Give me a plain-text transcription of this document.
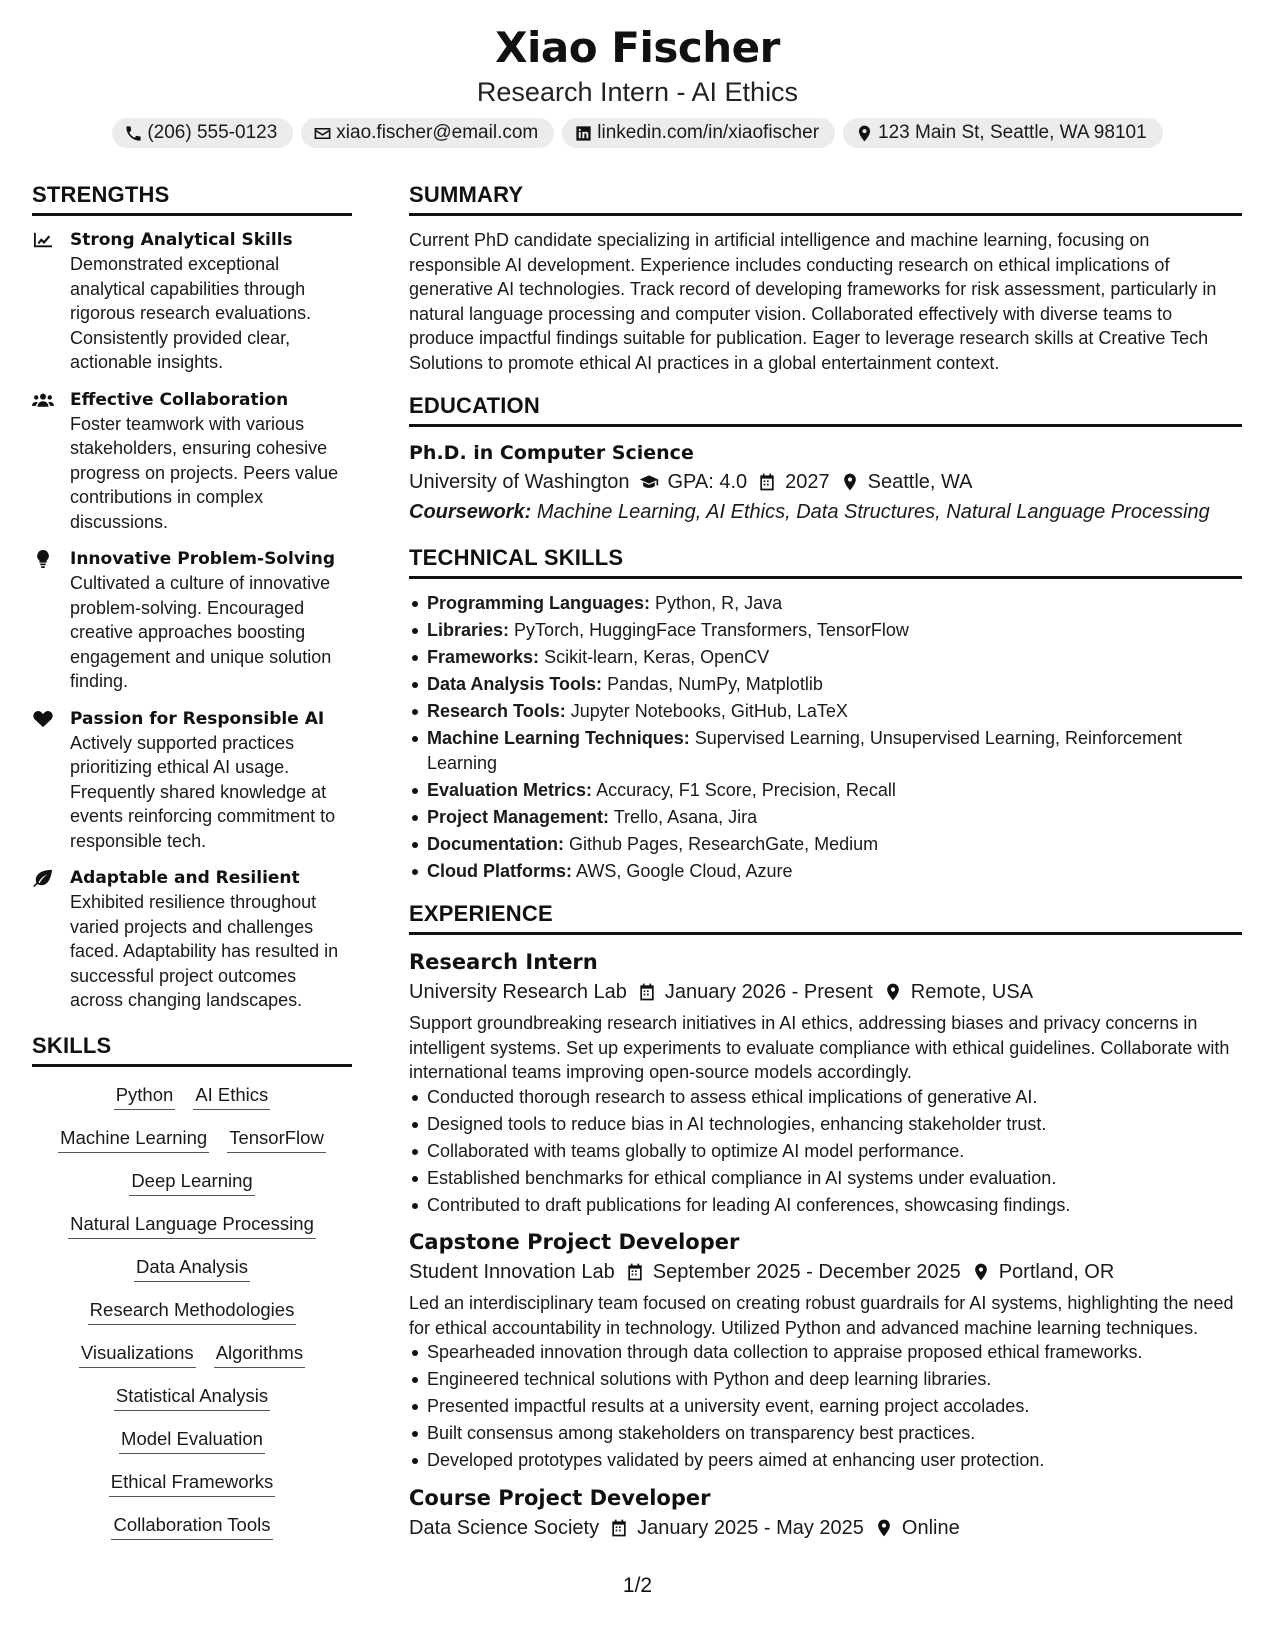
Xiao Fischer
Research Intern - AI Ethics
(206) 555-0123	xiao.fischer@email.com	linkedin.com/in/xiaofischer	123 Main St, Seattle, WA 98101
STRENGTHS
Strong Analytical Skills
Demonstrated exceptional analytical capabilities through rigorous research evaluations. Consistently provided clear, actionable insights.
Effective Collaboration
Foster teamwork with various stakeholders, ensuring cohesive progress on projects. Peers value contributions in complex discussions.
Innovative Problem-Solving
Cultivated a culture of innovative problem-solving. Encouraged creative approaches boosting engagement and unique solution finding.
Passion for Responsible AI
Actively supported practices prioritizing ethical AI usage. Frequently shared knowledge at events reinforcing commitment to responsible tech.
Adaptable and Resilient
Exhibited resilience throughout varied projects and challenges faced. Adaptability has resulted in successful project outcomes across changing landscapes.
SKILLS
Python AI Ethics
Machine Learning TensorFlow
Deep Learning
Natural Language Processing
Data Analysis
Research Methodologies
Visualizations Algorithms
Statistical Analysis
Model Evaluation
Ethical Frameworks
Collaboration Tools
SUMMARY
Current PhD candidate specializing in artificial intelligence and machine learning, focusing on responsible AI development. Experience includes conducting research on ethical implications of generative AI technologies. Track record of developing frameworks for risk assessment, particularly in natural language processing and computer vision. Collaborated effectively with diverse teams to produce impactful findings suitable for publication. Eager to leverage research skills at Creative Tech Solutions to promote ethical AI practices in a global entertainment context.
EDUCATION
Ph.D. in Computer Science
University of Washington GPA: 4.0 2027 Seattle, WA
Coursework: Machine Learning, AI Ethics, Data Structures, Natural Language Processing
TECHNICAL SKILLS
Programming Languages: Python, R, Java
Libraries: PyTorch, HuggingFace Transformers, TensorFlow
Frameworks: Scikit-learn, Keras, OpenCV
Data Analysis Tools: Pandas, NumPy, Matplotlib
Research Tools: Jupyter Notebooks, GitHub, LaTeX
Machine Learning Techniques: Supervised Learning, Unsupervised Learning, Reinforcement Learning
Evaluation Metrics: Accuracy, F1 Score, Precision, Recall
Project Management: Trello, Asana, Jira
Documentation: Github Pages, ResearchGate, Medium
Cloud Platforms: AWS, Google Cloud, Azure
EXPERIENCE
Research Intern
University Research Lab January 2026 - Present Remote, USA
Support groundbreaking research initiatives in AI ethics, addressing biases and privacy concerns in intelligent systems. Set up experiments to evaluate compliance with ethical guidelines. Collaborate with international teams improving open-source models accordingly.
Conducted thorough research to assess ethical implications of generative AI.
Designed tools to reduce bias in AI technologies, enhancing stakeholder trust.
Collaborated with teams globally to optimize AI model performance.
Established benchmarks for ethical compliance in AI systems under evaluation.
Contributed to draft publications for leading AI conferences, showcasing findings.
Capstone Project Developer
Student Innovation Lab September 2025 - December 2025 Portland, OR
Led an interdisciplinary team focused on creating robust guardrails for AI systems, highlighting the need for ethical accountability in technology. Utilized Python and advanced machine learning techniques.
Spearheaded innovation through data collection to appraise proposed ethical frameworks.
Engineered technical solutions with Python and deep learning libraries.
Presented impactful results at a university event, earning project accolades.
Built consensus among stakeholders on transparency best practices.
Developed prototypes validated by peers aimed at enhancing user protection.
Course Project Developer
Data Science Society January 2025 - May 2025 Online
1/2
